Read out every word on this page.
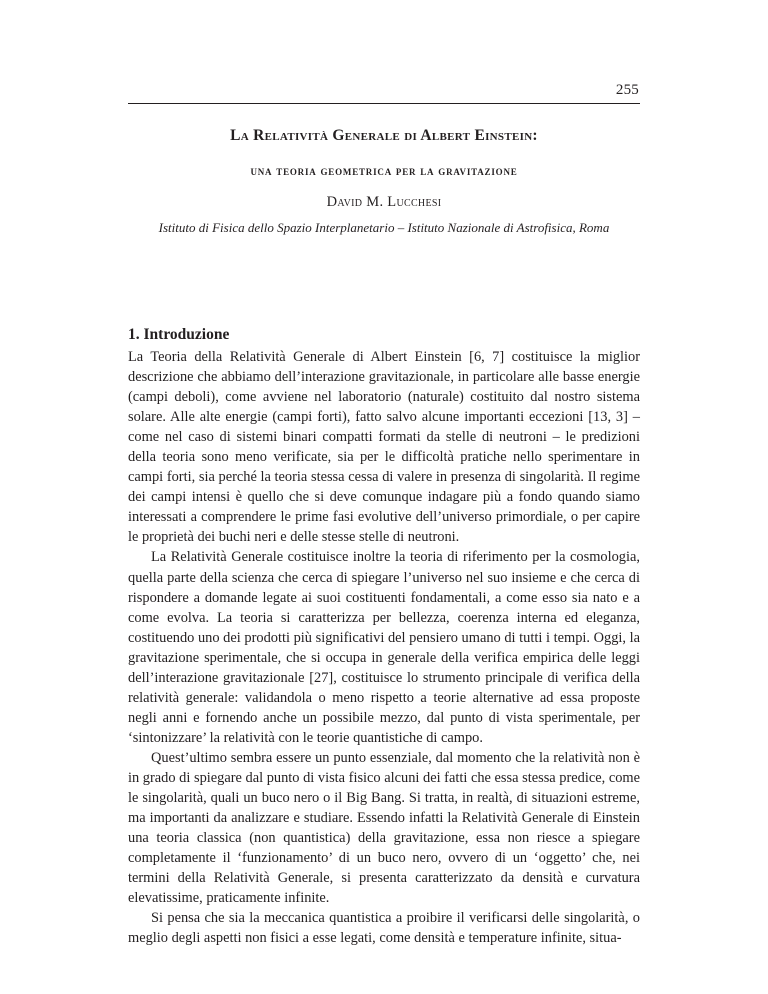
255
La Relatività Generale di Albert Einstein:
una teoria geometrica per la gravitazione
David M. Lucchesi
Istituto di Fisica dello Spazio Interplanetario – Istituto Nazionale di Astrofisica, Roma
1. Introduzione

La Teoria della Relatività Generale di Albert Einstein [6, 7] costituisce la miglior descrizione che abbiamo dell’interazione gravitazionale, in particolare alle basse energie (campi deboli), come avviene nel laboratorio (naturale) costituito dal nostro sistema solare. Alle alte energie (campi forti), fatto salvo alcune importanti eccezioni [13, 3] – come nel caso di sistemi binari compatti formati da stelle di neutroni – le predizioni della teoria sono meno verificate, sia per le difficoltà pratiche nello sperimentare in campi forti, sia perché la teoria stessa cessa di valere in presenza di singolarità. Il regime dei campi intensi è quello che si deve comunque indagare più a fondo quando siamo interessati a comprendere le prime fasi evolutive dell’universo primordiale, o per capire le proprietà dei buchi neri e delle stesse stelle di neutroni.

La Relatività Generale costituisce inoltre la teoria di riferimento per la cosmologia, quella parte della scienza che cerca di spiegare l’universo nel suo insieme e che cerca di rispondere a domande legate ai suoi costituenti fondamentali, a come esso sia nato e a come evolva. La teoria si caratterizza per bellezza, coerenza interna ed eleganza, costituendo uno dei prodotti più significativi del pensiero umano di tutti i tempi. Oggi, la gravitazione sperimentale, che si occupa in generale della verifica empirica delle leggi dell’interazione gravitazionale [27], costituisce lo strumento principale di verifica della relatività generale: validandola o meno rispetto a teorie alternative ad essa proposte negli anni e fornendo anche un possibile mezzo, dal punto di vista sperimentale, per ‘sintonizzare’ la relatività con le teorie quantistiche di campo.

Quest’ultimo sembra essere un punto essenziale, dal momento che la relatività non è in grado di spiegare dal punto di vista fisico alcuni dei fatti che essa stessa predice, come le singolarità, quali un buco nero o il Big Bang. Si tratta, in realtà, di situazioni estreme, ma importanti da analizzare e studiare. Essendo infatti la Relatività Generale di Einstein una teoria classica (non quantistica) della gravitazione, essa non riesce a spiegare completamente il ‘funzionamento’ di un buco nero, ovvero di un ‘oggetto’ che, nei termini della Relatività Generale, si presenta caratterizzato da densità e curvatura elevatissime, praticamente infinite.

Si pensa che sia la meccanica quantistica a proibire il verificarsi delle singolarità, o meglio degli aspetti non fisici a esse legati, come densità e temperature infinite, situa-
